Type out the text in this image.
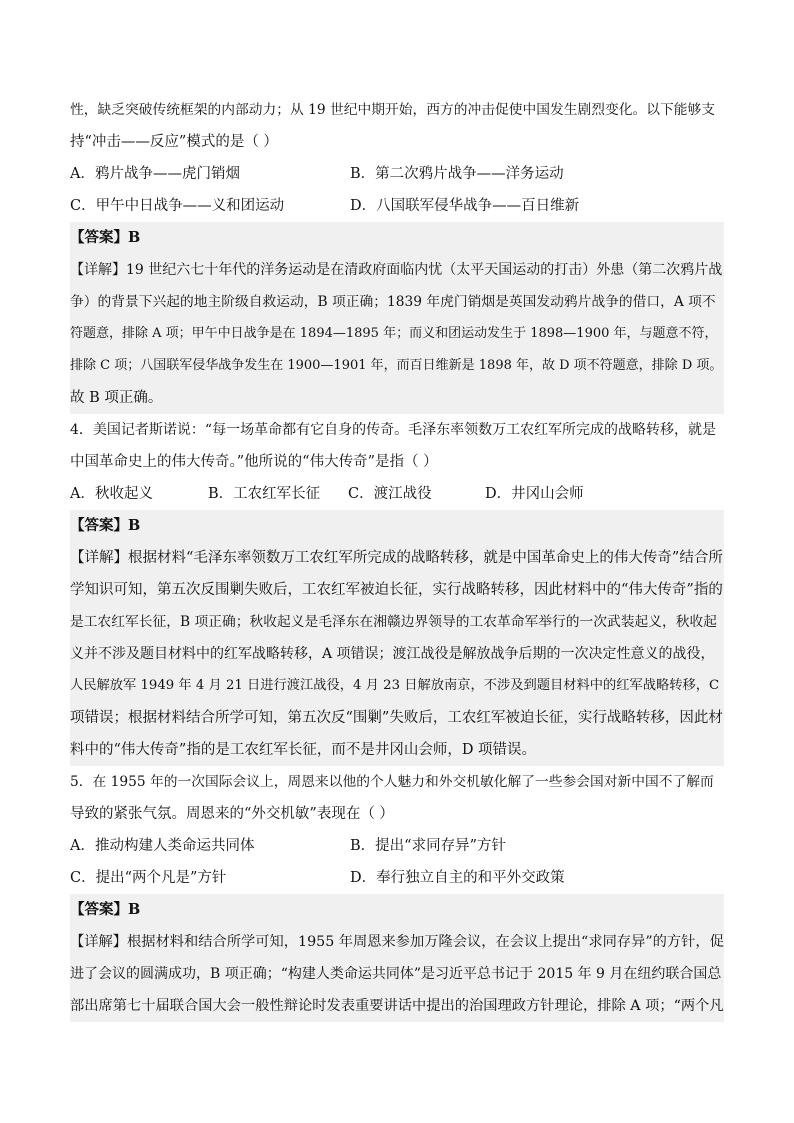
性，缺乏突破传统框架的内部动力；从 19 世纪中期开始，西方的冲击促使中国发生剧烈变化。以下能够支
持“冲击——反应”模式的是（ ）
A．鸦片战争——虎门销烟	B．第二次鸦片战争——洋务运动
C．甲午中日战争——义和团运动	D．八国联军侵华战争——百日维新
【答案】B
【详解】19 世纪六七十年代的洋务运动是在清政府面临内忧（太平天国运动的打击）外患（第二次鸦片战
争）的背景下兴起的地主阶级自救运动，B 项正确；1839 年虎门销烟是英国发动鸦片战争的借口，A 项不
符题意，排除 A 项；甲午中日战争是在 1894—1895 年；而义和团运动发生于 1898—1900 年，与题意不符，
排除 C 项；八国联军侵华战争发生在 1900—1901 年，而百日维新是 1898 年，故 D 项不符题意，排除 D 项。
故 B 项正确。
4．美国记者斯诺说：“每一场革命都有它自身的传奇。毛泽东率领数万工农红军所完成的战略转移，就是
中国革命史上的伟大传奇。”他所说的“伟大传奇”是指（ ）
A．秋收起义	B．工农红军长征 C．渡江战役	D．井冈山会师
【答案】B
【详解】根据材料“毛泽东率领数万工农红军所完成的战略转移，就是中国革命史上的伟大传奇”结合所
学知识可知，第五次反围剿失败后，工农红军被迫长征，实行战略转移，因此材料中的“伟大传奇”指的
是工农红军长征，B 项正确；秋收起义是毛泽东在湘赣边界领导的工农革命军举行的一次武装起义，秋收起
义并不涉及题目材料中的红军战略转移，A 项错误；渡江战役是解放战争后期的一次决定性意义的战役，
人民解放军 1949 年 4 月 21 日进行渡江战役，4 月 23 日解放南京，不涉及到题目材料中的红军战略转移，C
项错误；根据材料结合所学可知，第五次反“围剿”失败后，工农红军被迫长征，实行战略转移，因此材
料中的“伟大传奇”指的是工农红军长征，而不是井冈山会师，D 项错误。
5．在 1955 年的一次国际会议上，周恩来以他的个人魅力和外交机敏化解了一些参会国对新中国不了解而
导致的紧张气氛。周恩来的“外交机敏”表现在（ ）
A．推动构建人类命运共同体	B．提出“求同存异”方针
C．提出“两个凡是”方针	D．奉行独立自主的和平外交政策
【答案】B
【详解】根据材料和结合所学可知，1955 年周恩来参加万隆会议，在会议上提出“求同存异”的方针，促
进了会议的圆满成功，B 项正确；“构建人类命运共同体”是习近平总书记于 2015 年 9 月在纽约联合国总
部出席第七十届联合国大会一般性辩论时发表重要讲话中提出的治国理政方针理论，排除 A 项；“两个凡
